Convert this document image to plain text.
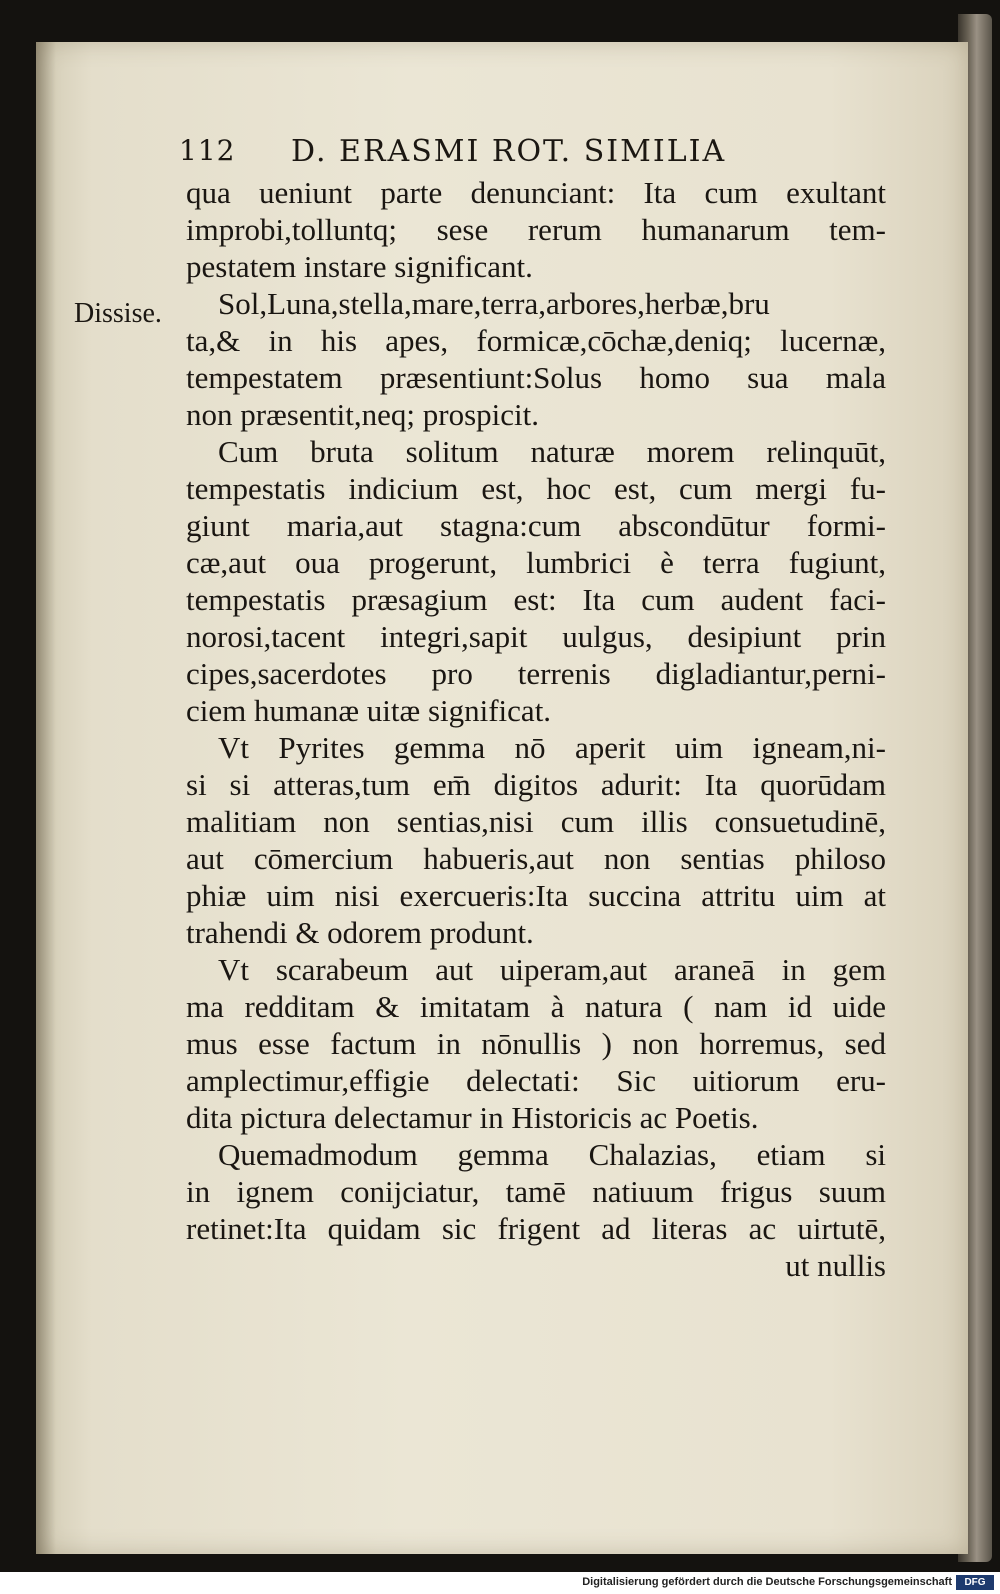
112 D. ERASMI ROT. SIMILIA
Dissise.
qua ueniunt parte denunciant: Ita cum exultant
improbi,tolluntq; sese rerum humanarum tem-
pestatem instare significant.
Sol,Luna,stella,mare,terra,arbores,herbæ,bru
ta,& in his apes, formicæ,cōchæ,deniq; lucernæ,
tempestatem præsentiunt:Solus homo sua mala
non præsentit,neq; prospicit.
Cum bruta solitum naturæ morem relinquūt,
tempestatis indicium est, hoc est, cum mergi fu-
giunt maria,aut stagna:cum abscondūtur formi-
cæ,aut oua progerunt, lumbrici è terra fugiunt,
tempestatis præsagium est: Ita cum audent faci-
norosi,tacent integri,sapit uulgus, desipiunt prin
cipes,sacerdotes pro terrenis digladiantur,perni-
ciem humanæ uitæ significat.
Vt Pyrites gemma nō aperit uim igneam,ni-
si si atteras,tum em̄ digitos adurit: Ita quorūdam
malitiam non sentias,nisi cum illis consuetudinē,
aut cōmercium habueris,aut non sentias philoso
phiæ uim nisi exercueris:Ita succina attritu uim at
trahendi & odorem produnt.
Vt scarabeum aut uiperam,aut araneā in gem
ma redditam & imitatam à natura ( nam id uide
mus esse factum in nōnullis ) non horremus, sed
amplectimur,effigie delectati: Sic uitiorum eru-
dita pictura delectamur in Historicis ac Poetis.
Quemadmodum gemma Chalazias, etiam si
in ignem conijciatur, tamē natiuum frigus suum
retinet:Ita quidam sic frigent ad literas ac uirtutē,
ut nullis
Digitalisierung gefördert durch die Deutsche Forschungsgemeinschaft	DFG
